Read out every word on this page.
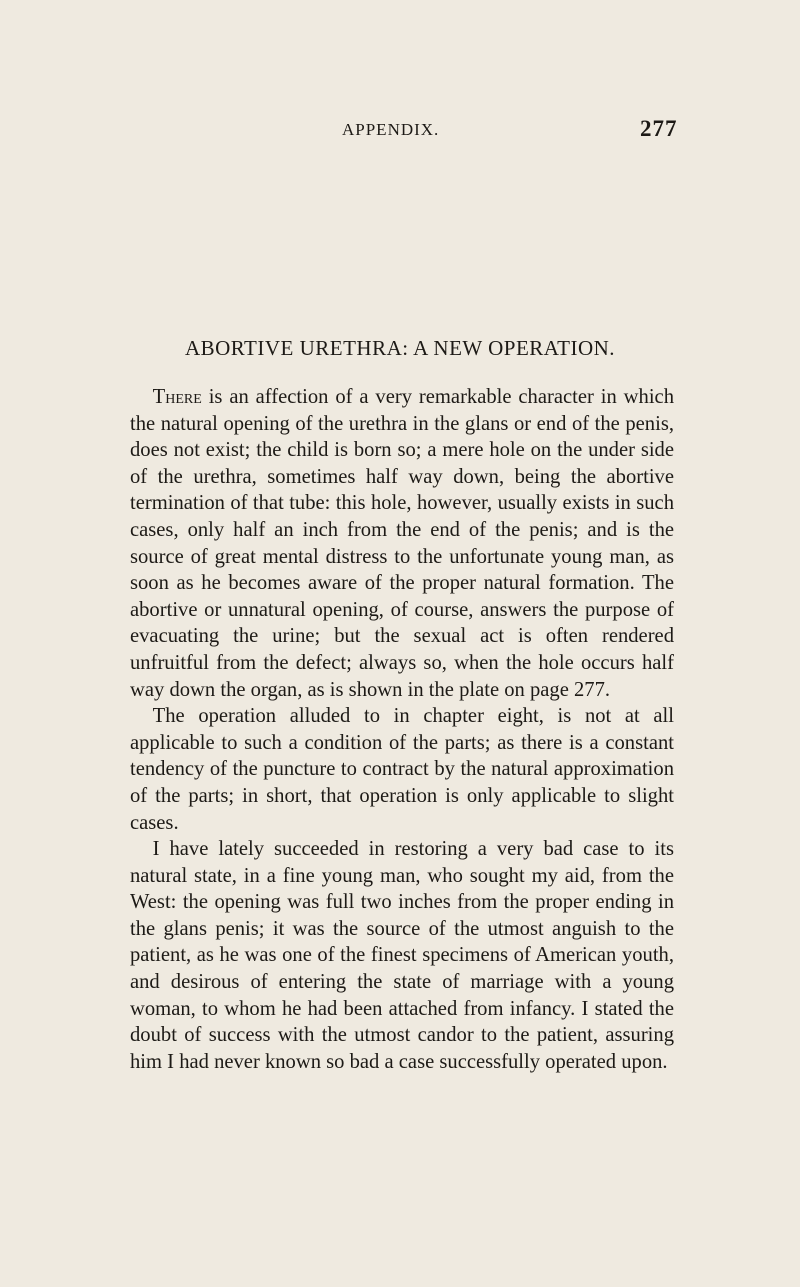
APPENDIX.	277
ABORTIVE URETHRA: A NEW OPERATION.

There is an affection of a very remarkable character in which the natural opening of the urethra in the glans or end of the penis, does not exist; the child is born so; a mere hole on the under side of the urethra, sometimes half way down, being the abortive termination of that tube: this hole, however, usually exists in such cases, only half an inch from the end of the penis; and is the source of great mental distress to the unfortunate young man, as soon as he becomes aware of the proper natural formation. The abortive or unnatural opening, of course, answers the purpose of evacuating the urine; but the sexual act is often rendered unfruitful from the defect; always so, when the hole occurs half way down the organ, as is shown in the plate on page 277.

The operation alluded to in chapter eight, is not at all applicable to such a condition of the parts; as there is a constant tendency of the puncture to contract by the natural approximation of the parts; in short, that operation is only applicable to slight cases.

I have lately succeeded in restoring a very bad case to its natural state, in a fine young man, who sought my aid, from the West: the opening was full two inches from the proper ending in the glans penis; it was the source of the utmost anguish to the patient, as he was one of the finest specimens of American youth, and desirous of entering the state of marriage with a young woman, to whom he had been attached from infancy. I stated the doubt of success with the utmost candor to the patient, assuring him I had never known so bad a case successfully operated upon.
